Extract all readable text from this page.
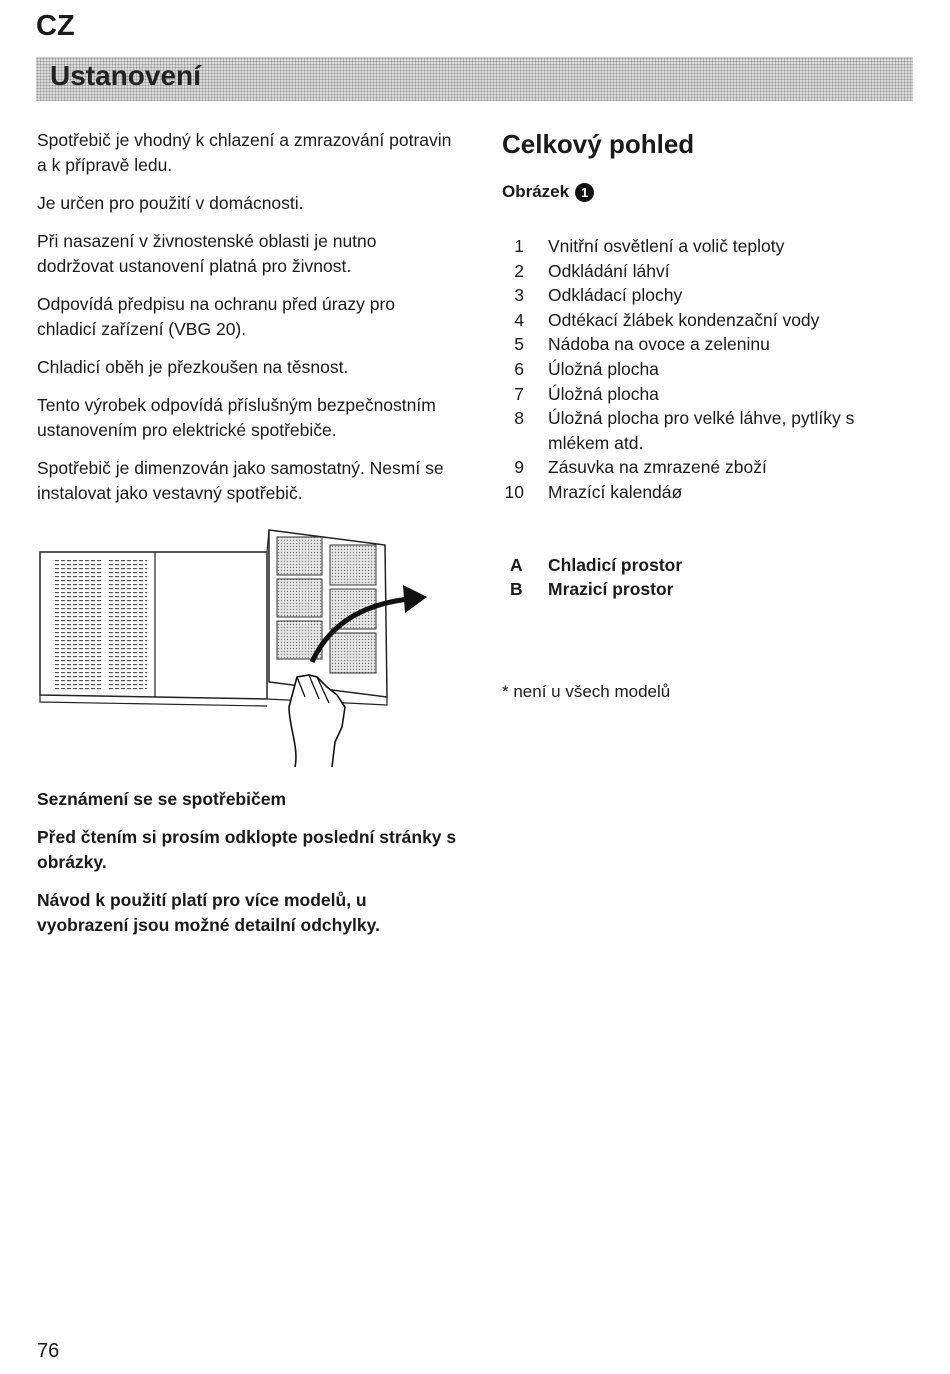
CZ
Ustanovení

Spotřebič je vhodný k chlazení a zmrazování potravin a k přípravě ledu.

Je určen pro použití v domácnosti.

Při nasazení v živnostenské oblasti je nutno dodržovat ustanovení platná pro živnost.

Odpovídá předpisu na ochranu před úrazy pro chladicí zařízení (VBG 20).

Chladicí oběh je přezkoušen na těsnost.

Tento výrobek odpovídá příslušným bezpečnostním ustanovením pro elektrické spotřebiče.

Spotřebič je dimenzován jako samostatný. Nesmí se instalovat jako vestavný spotřebič.

Seznámení se se spotřebičem

Před čtením si prosím odklopte poslední stránky s obrázky.

Návod k použití platí pro více modelů, u vyobrazení jsou možné detailní odchylky.

Celkový pohled
Obrázek 1
1 Vnitřní osvětlení a volič teploty
2 Odkládání láhví
3 Odkládací plochy
4 Odtékací žlábek kondenzační vody
5 Nádoba na ovoce a zeleninu
6 Úložná plocha
7 Úložná plocha
8 Úložná plocha pro velké láhve, pytlíky s mlékem atd.
9 Zásuvka na zmrazené zboží
10 Mrazící kalendáø
A	Chladicí prostor
B	Mrazicí prostor
* není u všech modelů
76
